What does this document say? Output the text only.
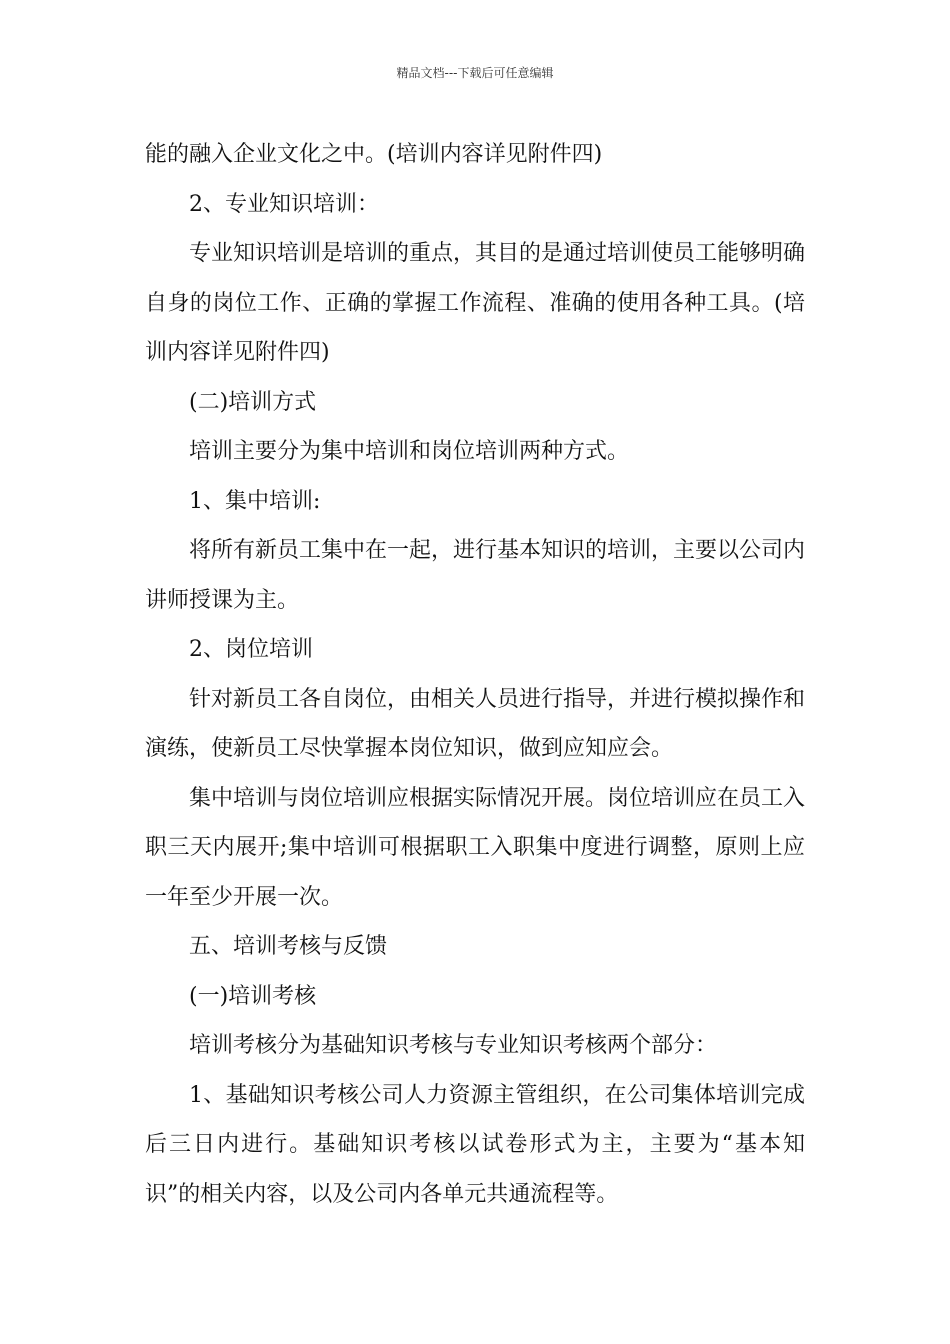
精品文档---下载后可任意编辑

能的融入企业文化之中。(培训内容详见附件四)

2、专业知识培训：

专业知识培训是培训的重点，其目的是通过培训使员工能够明确自身的岗位工作、正确的掌握工作流程、准确的使用各种工具。(培训内容详见附件四)

(二)培训方式

培训主要分为集中培训和岗位培训两种方式。

1、集中培训:

将所有新员工集中在一起，进行基本知识的培训，主要以公司内讲师授课为主。

2、岗位培训

针对新员工各自岗位，由相关人员进行指导，并进行模拟操作和演练，使新员工尽快掌握本岗位知识，做到应知应会。

集中培训与岗位培训应根据实际情况开展。岗位培训应在员工入职三天内展开;集中培训可根据职工入职集中度进行调整，原则上应一年至少开展一次。

五、培训考核与反馈

(一)培训考核

培训考核分为基础知识考核与专业知识考核两个部分：

1、基础知识考核公司人力资源主管组织，在公司集体培训完成后三日内进行。基础知识考核以试卷形式为主，主要为“基本知识”的相关内容，以及公司内各单元共通流程等。
